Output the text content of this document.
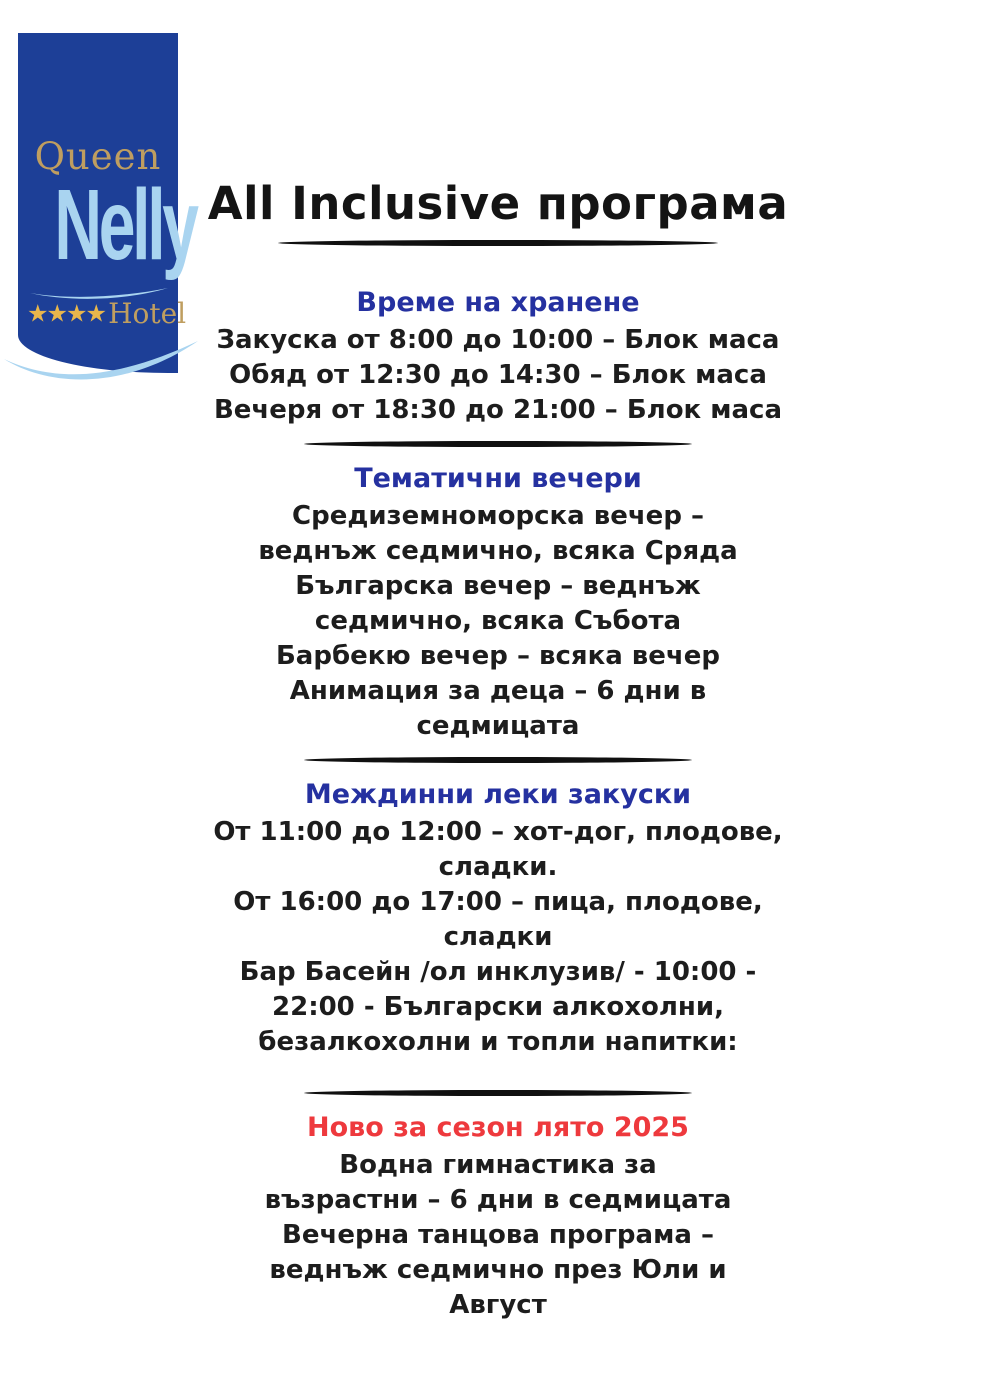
Queen
Nelly
★★★★ Hotel
All Inclusive програма
Време на хранене
Закуска от 8:00 до 10:00 – Блок маса
Обяд от 12:30 до 14:30 – Блок маса
Вечеря от 18:30 до 21:00 – Блок маса
Тематични вечери
Средиземноморска вечер –
веднъж седмично, всяка Сряда
Българска вечер – веднъж
седмично, всяка Събота
Барбекю вечер – всяка вечер
Анимация за деца – 6 дни в
седмицата
Междинни леки закуски
От 11:00 до 12:00 – хот-дог, плодове,
сладки.
От 16:00 до 17:00 – пица, плодове,
сладки
Бар Басейн /ол инклузив/ - 10:00 -
22:00 - Български алкохолни,
безалкохолни и топли напитки:
Ново за сезон лято 2025
Водна гимнастика за
възрастни – 6 дни в седмицата
Вечерна танцова програма –
веднъж седмично през Юли и
Август
